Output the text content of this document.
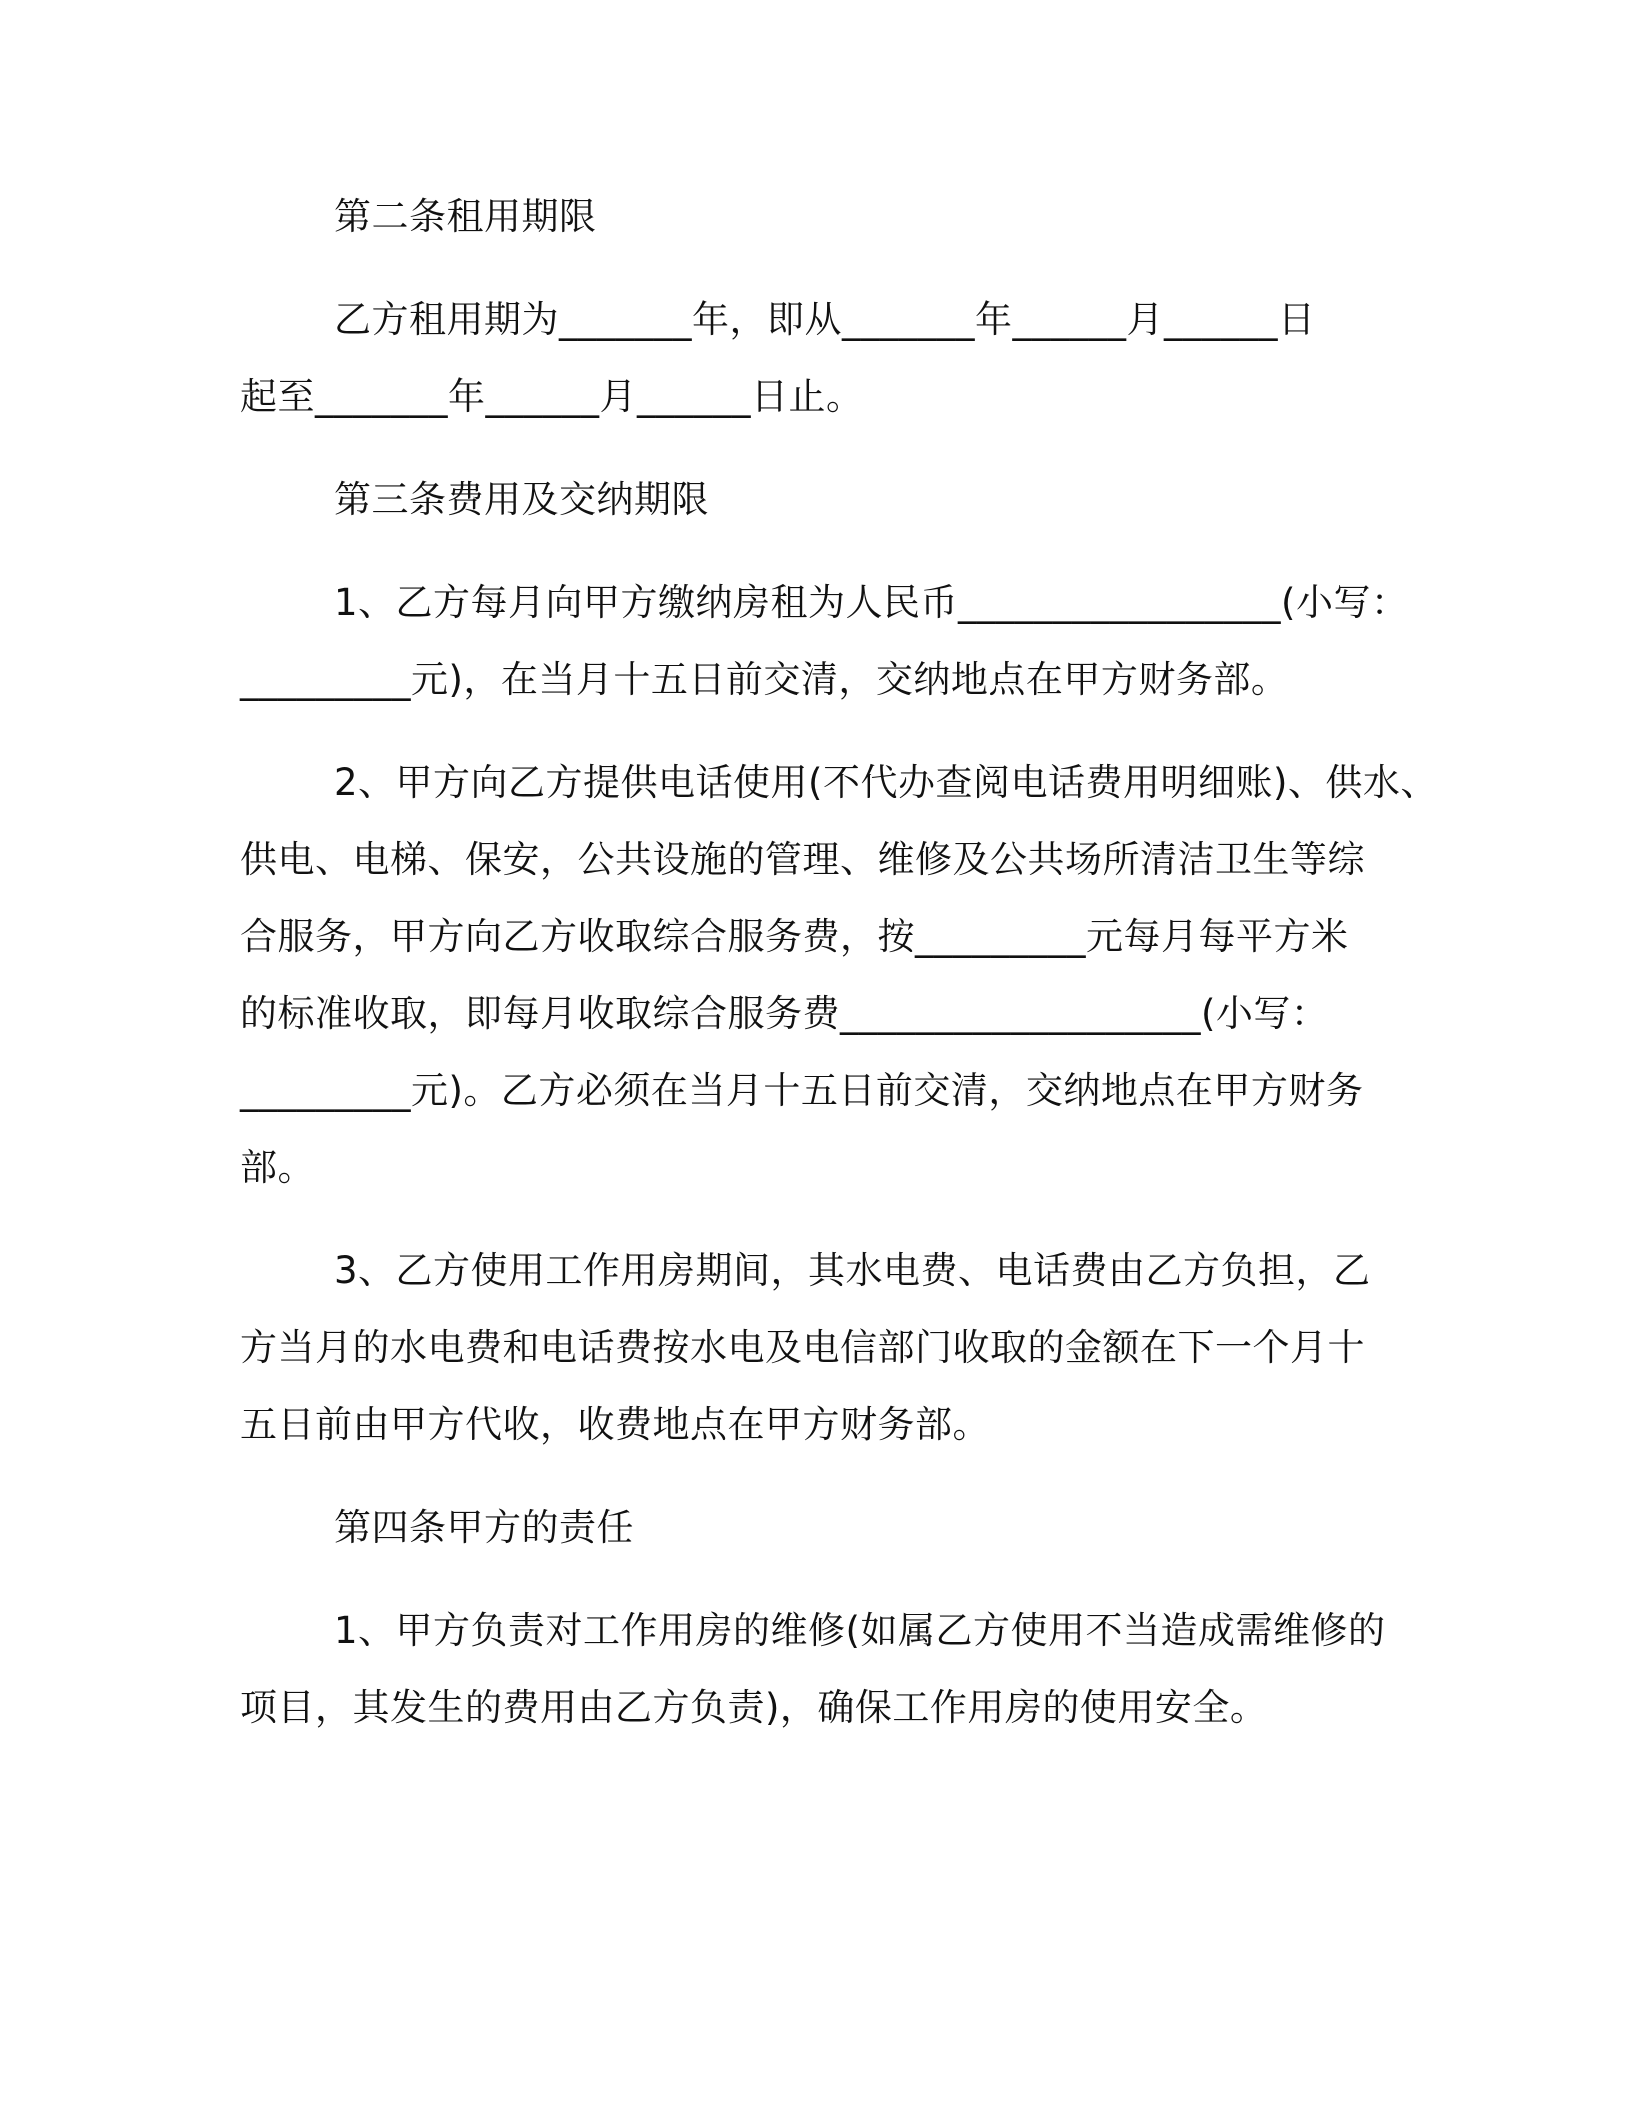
第二条租用期限
乙方租用期为_______年，即从_______年______月______日
起至_______年______月______日止。
第三条费用及交纳期限
1、乙方每月向甲方缴纳房租为人民币_________________(小写：
_________元)，在当月十五日前交清，交纳地点在甲方财务部。
2、甲方向乙方提供电话使用(不代办查阅电话费用明细账)、供水、
供电、电梯、保安，公共设施的管理、维修及公共场所清洁卫生等综
合服务，甲方向乙方收取综合服务费，按_________元每月每平方米
的标准收取，即每月收取综合服务费___________________(小写：
_________元)。乙方必须在当月十五日前交清，交纳地点在甲方财务
部。
3、乙方使用工作用房期间，其水电费、电话费由乙方负担，乙
方当月的水电费和电话费按水电及电信部门收取的金额在下一个月十
五日前由甲方代收，收费地点在甲方财务部。
第四条甲方的责任
1、甲方负责对工作用房的维修(如属乙方使用不当造成需维修的
项目，其发生的费用由乙方负责)，确保工作用房的使用安全。
